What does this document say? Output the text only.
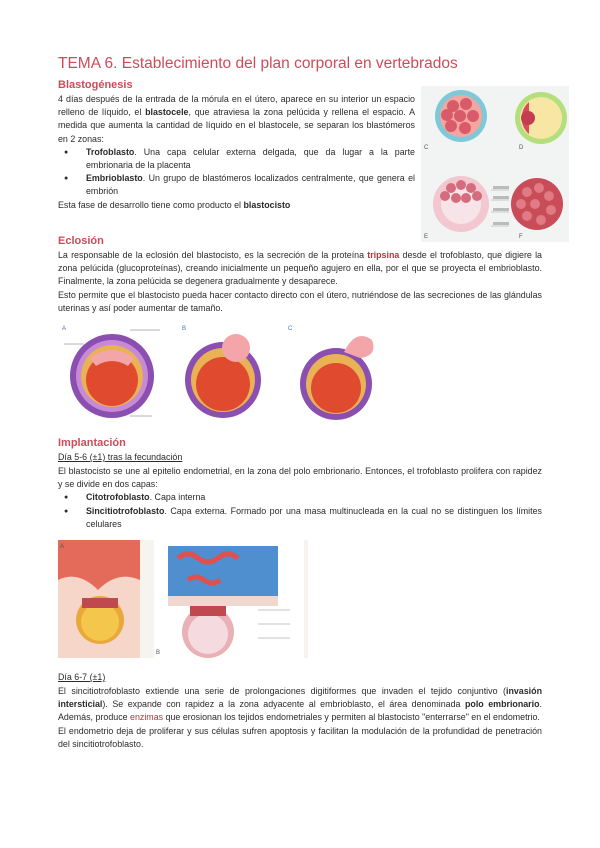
TEMA 6. Establecimiento del plan corporal en vertebrados
Blastogénesis
4 días después de la entrada de la mórula en el útero, aparece en su interior un espacio relleno de líquido, el blastocele, que atraviesa la zona pelúcida y rellena el espacio. A medida que aumenta la cantidad de líquido en el blastocele, se separan los blastómeros en 2 zonas:
● Trofoblasto. Una capa celular externa delgada, que da lugar a la parte embrionaria de la placenta
● Embrioblasto. Un grupo de blastómeros localizados centralmente, que genera el embrión
Esta fase de desarrollo tiene como producto el blastocisto
C	D
E	F
Eclosión
La responsable de la eclosión del blastocisto, es la secreción de la proteína tripsina desde el trofoblasto, que digiere la zona pelúcida (glucoproteínas), creando inicialmente un pequeño agujero en ella, por el que se proyecta el embrioblasto. Finalmente, la zona pelúcida se degenera gradualmente y desaparece.
Esto permite que el blastocisto pueda hacer contacto directo con el útero, nutriéndose de las secreciones de las glándulas uterinas y así poder aumentar de tamaño.
A	B	C
Implantación
Día 5-6 (±1) tras la fecundación
El blastocisto se une al epitelio endometrial, en la zona del polo embrionario. Entonces, el trofoblasto prolifera con rapidez y se divide en dos capas:
● Citotrofoblasto. Capa interna
● Sincitiotrofoblasto. Capa externa. Formado por una masa multinucleada en la cual no se distinguen los límites celulares
A
B
Día 6-7 (±1)
El sincitiotrofoblasto extiende una serie de prolongaciones digitiformes que invaden el tejido conjuntivo (invasión intersticial). Se expande con rapidez a la zona adyacente al embrioblasto, el área denominada polo embrionario. Además, produce enzimas que erosionan los tejidos endometriales y permiten al blastocisto "enterrarse" en el endometrio.
El endometrio deja de proliferar y sus células sufren apoptosis y facilitan la modulación de la profundidad de penetración del sincitiotrofoblasto.
